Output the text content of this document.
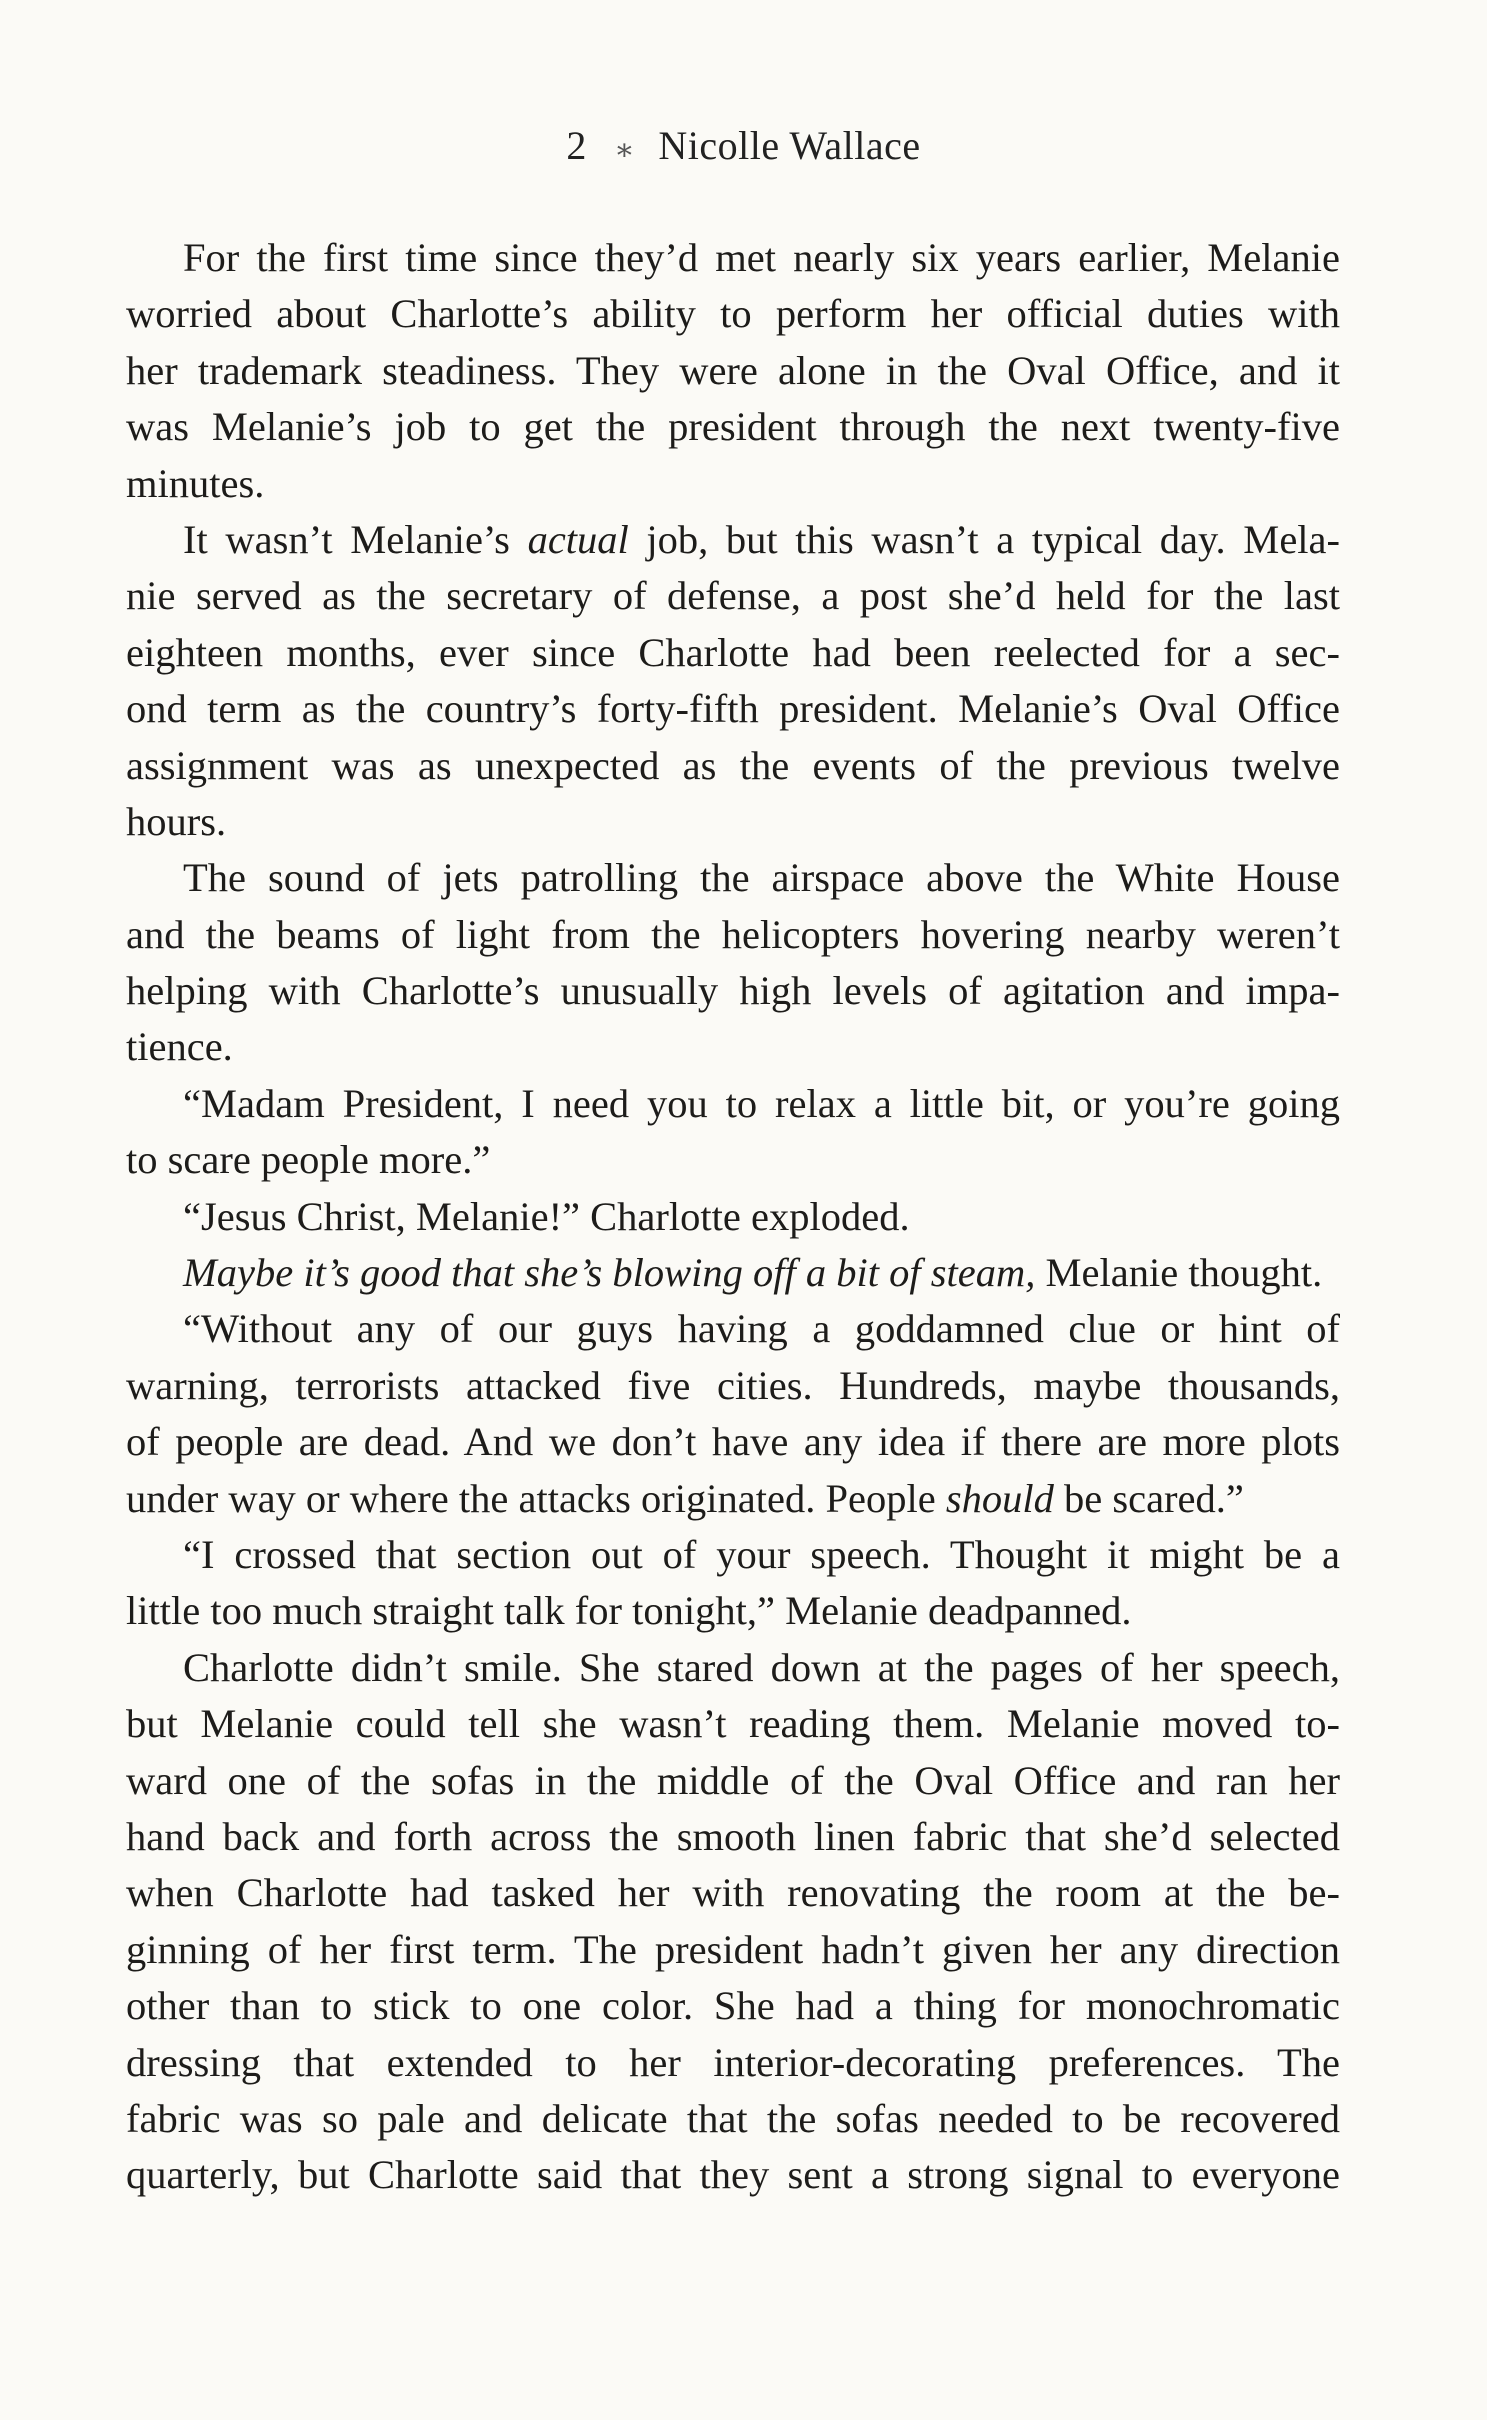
2 ⁎ Nicolle Wallace
For the first time since they’d met nearly six years earlier, Melanie
worried about Charlotte’s ability to perform her official duties with
her trademark steadiness. They were alone in the Oval Office, and it
was Melanie’s job to get the president through the next twenty-five
minutes.
It wasn’t Melanie’s actual job, but this wasn’t a typical day. Mela-
nie served as the secretary of defense, a post she’d held for the last
eighteen months, ever since Charlotte had been reelected for a sec-
ond term as the country’s forty-fifth president. Melanie’s Oval Office
assignment was as unexpected as the events of the previous twelve
hours.
The sound of jets patrolling the airspace above the White House
and the beams of light from the helicopters hovering nearby weren’t
helping with Charlotte’s unusually high levels of agitation and impa-
tience.
“Madam President, I need you to relax a little bit, or you’re going
to scare people more.”
“Jesus Christ, Melanie!” Charlotte exploded.
Maybe it’s good that she’s blowing off a bit of steam, Melanie thought.
“Without any of our guys having a goddamned clue or hint of
warning, terrorists attacked five cities. Hundreds, maybe thousands,
of people are dead. And we don’t have any idea if there are more plots
under way or where the attacks originated. People should be scared.”
“I crossed that section out of your speech. Thought it might be a
little too much straight talk for tonight,” Melanie deadpanned.
Charlotte didn’t smile. She stared down at the pages of her speech,
but Melanie could tell she wasn’t reading them. Melanie moved to-
ward one of the sofas in the middle of the Oval Office and ran her
hand back and forth across the smooth linen fabric that she’d selected
when Charlotte had tasked her with renovating the room at the be-
ginning of her first term. The president hadn’t given her any direction
other than to stick to one color. She had a thing for monochromatic
dressing that extended to her interior-decorating preferences. The
fabric was so pale and delicate that the sofas needed to be recovered
quarterly, but Charlotte said that they sent a strong signal to everyone
